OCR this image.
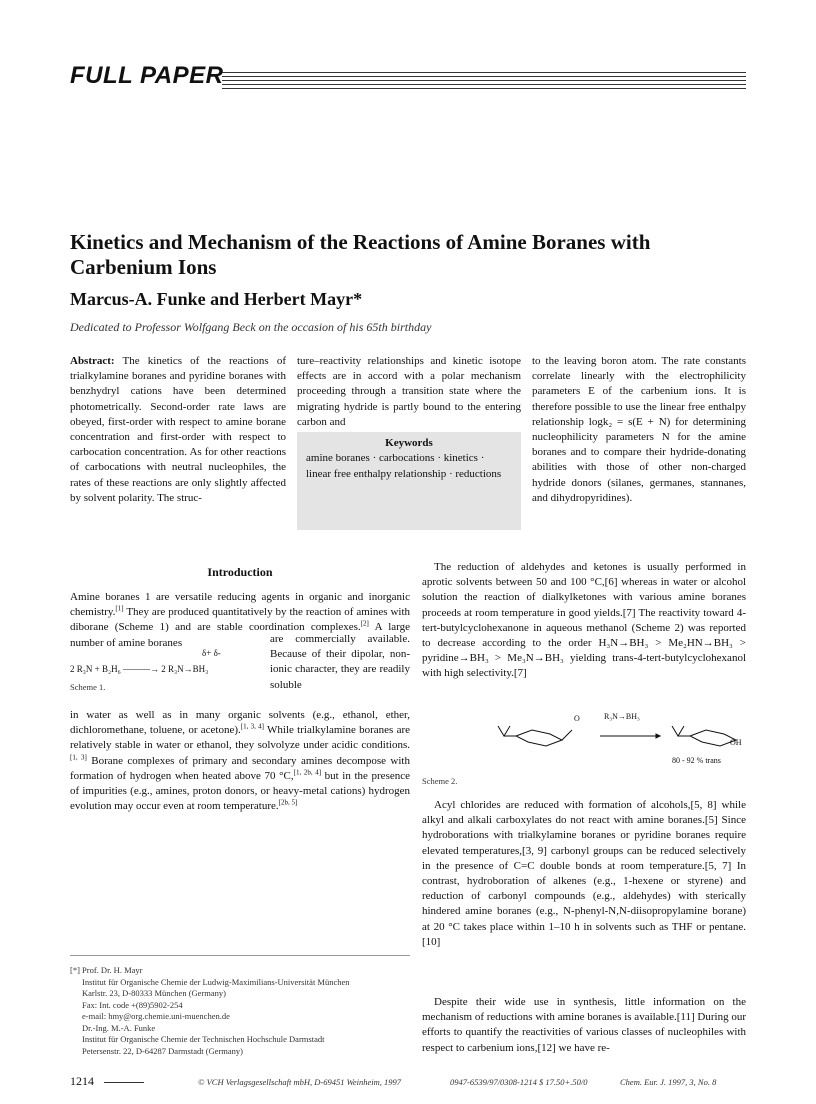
FULL PAPER
Kinetics and Mechanism of the Reactions of Amine Boranes with Carbenium Ions
Marcus-A. Funke and Herbert Mayr*
Dedicated to Professor Wolfgang Beck on the occasion of his 65th birthday
Abstract: The kinetics of the reactions of trialkylamine boranes and pyridine boranes with benzhydryl cations have been determined photometrically. Second-order rate laws are obeyed, first-order with respect to amine borane concentration and first-order with respect to carbocation concentration. As for other reactions of carbocations with neutral nucleophiles, the rates of these reactions are only slightly affected by solvent polarity. The struc-
ture–reactivity relationships and kinetic isotope effects are in accord with a polar mechanism proceeding through a transition state where the migrating hydride is partly bound to the entering carbon and
Keywords
amine boranes · carbocations · kinetics · linear free enthalpy relationship · reductions
to the leaving boron atom. The rate constants correlate linearly with the electrophilicity parameters E of the carbenium ions. It is therefore possible to use the linear free enthalpy relationship logk₂ = s(E + N) for determining nucleophilicity parameters N for the amine boranes and to compare their hydride-donating abilities with those of other non-charged hydride donors (silanes, germanes, stannanes, and dihydropyridines).
Introduction
Amine boranes 1 are versatile reducing agents in organic and inorganic chemistry.[1] They are produced quantitatively by the reaction of amines with diborane (Scheme 1) and are stable coordination complexes.[2] A large number of amine boranes
δ+ δ-
2 R₃N + B₂H₆ ———→ 2 R₃N→BH₃
Scheme 1.
are commercially available. Because of their dipolar, non-ionic character, they are readily soluble
in water as well as in many organic solvents (e.g., ethanol, ether, dichloromethane, toluene, or acetone).[1, 3, 4] While trialkylamine boranes are relatively stable in water or ethanol, they solvolyze under acidic conditions.[1, 3] Borane complexes of primary and secondary amines decompose with formation of hydrogen when heated above 70 °C,[1, 2b, 4] but in the presence of impurities (e.g., amines, proton donors, or heavy-metal cations) hydrogen evolution may occur even at room temperature.[2b, 5]
[*] Prof. Dr. H. Mayr
Institut für Organische Chemie der Ludwig-Maximilians-Universität München
Karlstr. 23, D-80333 München (Germany)
Fax: Int. code +(89)5902-254
e-mail: hmy@org.chemie.uni-muenchen.de
Dr.-Ing. M.-A. Funke
Institut für Organische Chemie der Technischen Hochschule Darmstadt
Petersenstr. 22, D-64287 Darmstadt (Germany)

The reduction of aldehydes and ketones is usually performed in aprotic solvents between 50 and 100 °C,[6] whereas in water or alcohol solution the reaction of dialkylketones with various amine boranes proceeds at room temperature in good yields.[7] The reactivity toward 4-tert-butylcyclohexanone in aqueous methanol (Scheme 2) was reported to decrease according to the order H₃N→BH₃ > Me₂HN→BH₃ > pyridine→BH₃ > Me₃N→BH₃ yielding trans-4-tert-butylcyclohexanol with high selectivity.[7]

O	R₃N→BH₃
OH
80 - 92 % trans
Scheme 2.

Acyl chlorides are reduced with formation of alcohols,[5, 8] while alkyl and alkali carboxylates do not react with amine boranes.[5] Since hydroborations with trialkylamine boranes or pyridine boranes require elevated temperatures,[3, 9] carbonyl groups can be reduced selectively in the presence of C=C double bonds at room temperature.[5, 7] In contrast, hydroboration of alkenes (e.g., 1-hexene or styrene) and reduction of carbonyl compounds (e.g., aldehydes) with sterically hindered amine boranes (e.g., N-phenyl-N,N-diisopropylamine borane) at 20 °C takes place within 1–10 h in solvents such as THF or pentane.[10]

Despite their wide use in synthesis, little information on the mechanism of reductions with amine boranes is available.[11] During our efforts to quantify the reactivities of various classes of nucleophiles with respect to carbenium ions,[12] we have re-

1214	© VCH Verlagsgesellschaft mbH, D-69451 Weinheim, 1997	0947-6539/97/0308-1214 $ 17.50+.50/0	Chem. Eur. J. 1997, 3, No. 8
